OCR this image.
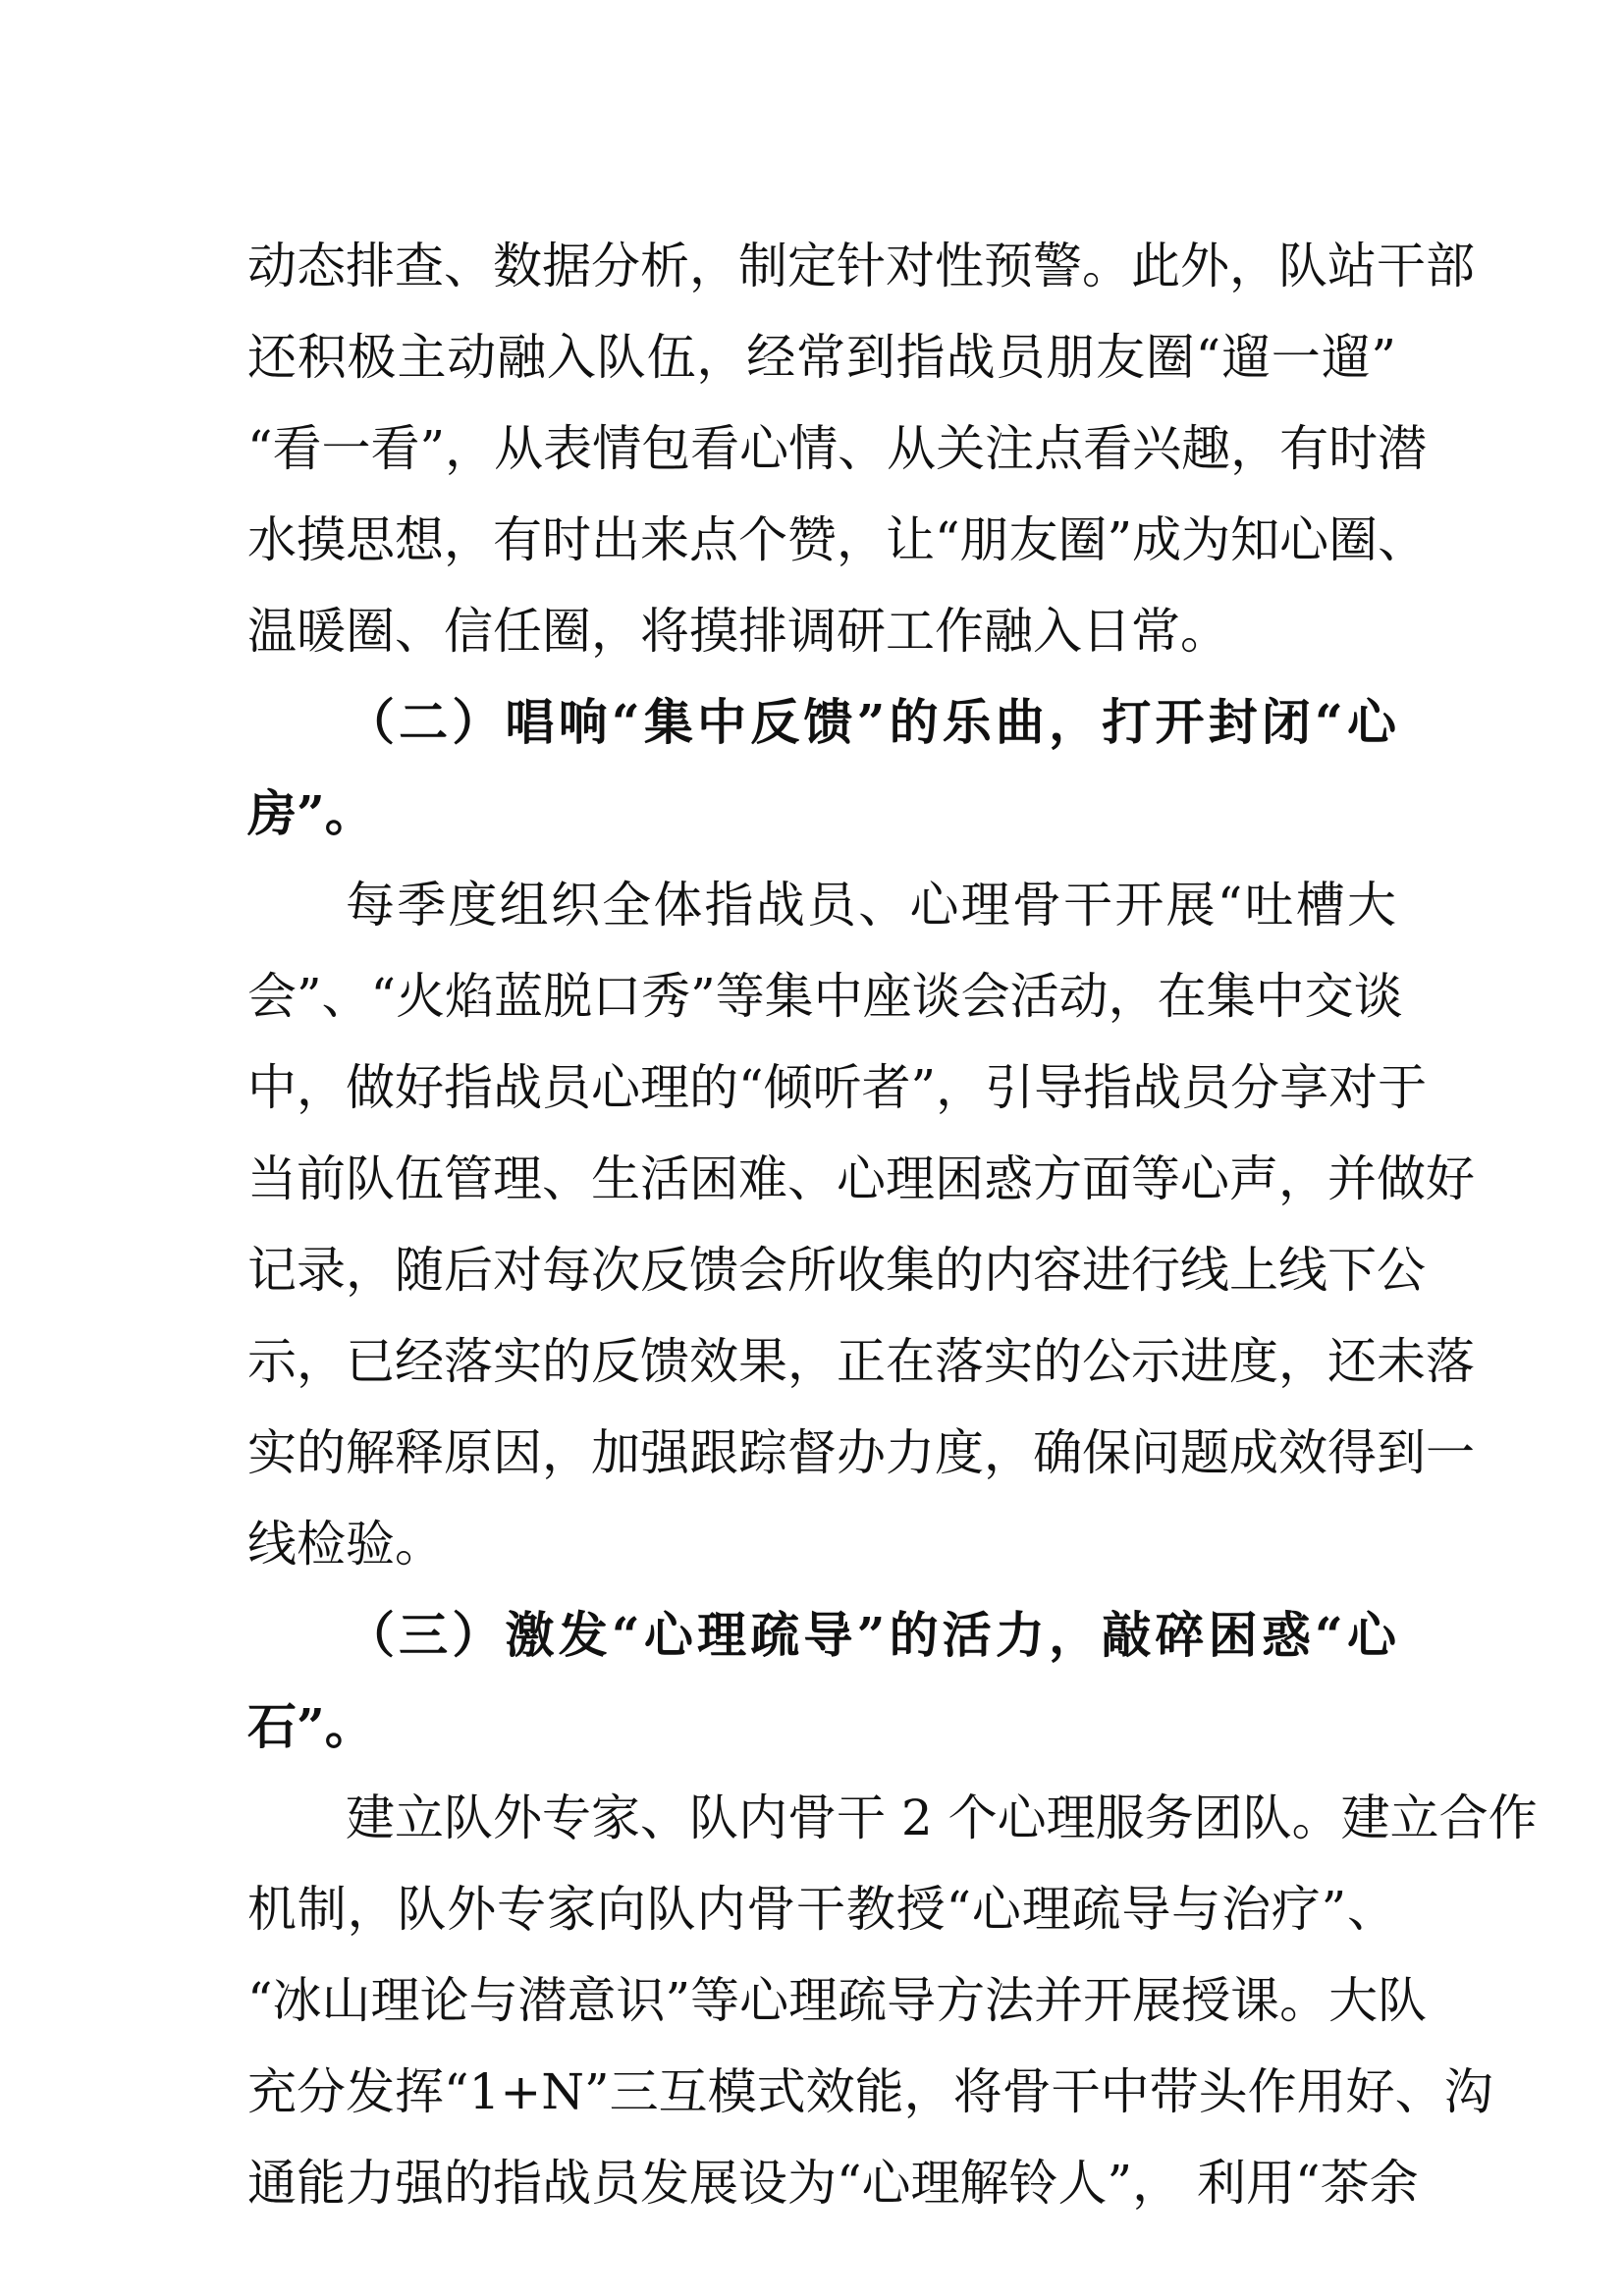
动态排查、数据分析，制定针对性预警。此外，队站干部
还积极主动融入队伍，经常到指战员朋友圈“遛一遛”
“看一看”，从表情包看心情、从关注点看兴趣，有时潜
水摸思想，有时出来点个赞，让“朋友圈”成为知心圈、
温暖圈、信任圈，将摸排调研工作融入日常。
（二）唱响“集中反馈”的乐曲，打开封闭“心
房”。
每季度组织全体指战员、心理骨干开展“吐槽大
会”、“火焰蓝脱口秀”等集中座谈会活动，在集中交谈
中，做好指战员心理的“倾听者”，引导指战员分享对于
当前队伍管理、生活困难、心理困惑方面等心声，并做好
记录，随后对每次反馈会所收集的内容进行线上线下公
示，已经落实的反馈效果，正在落实的公示进度，还未落
实的解释原因，加强跟踪督办力度，确保问题成效得到一
线检验。
（三）激发“心理疏导”的活力，敲碎困惑“心
石”。
建立队外专家、队内骨干 2 个心理服务团队。建立合作
机制，队外专家向队内骨干教授“心理疏导与治疗”、
“冰山理论与潜意识”等心理疏导方法并开展授课。大队
充分发挥“1+N”三互模式效能，将骨干中带头作用好、沟
通能力强的指战员发展设为“心理解铃人”， 利用“茶余
